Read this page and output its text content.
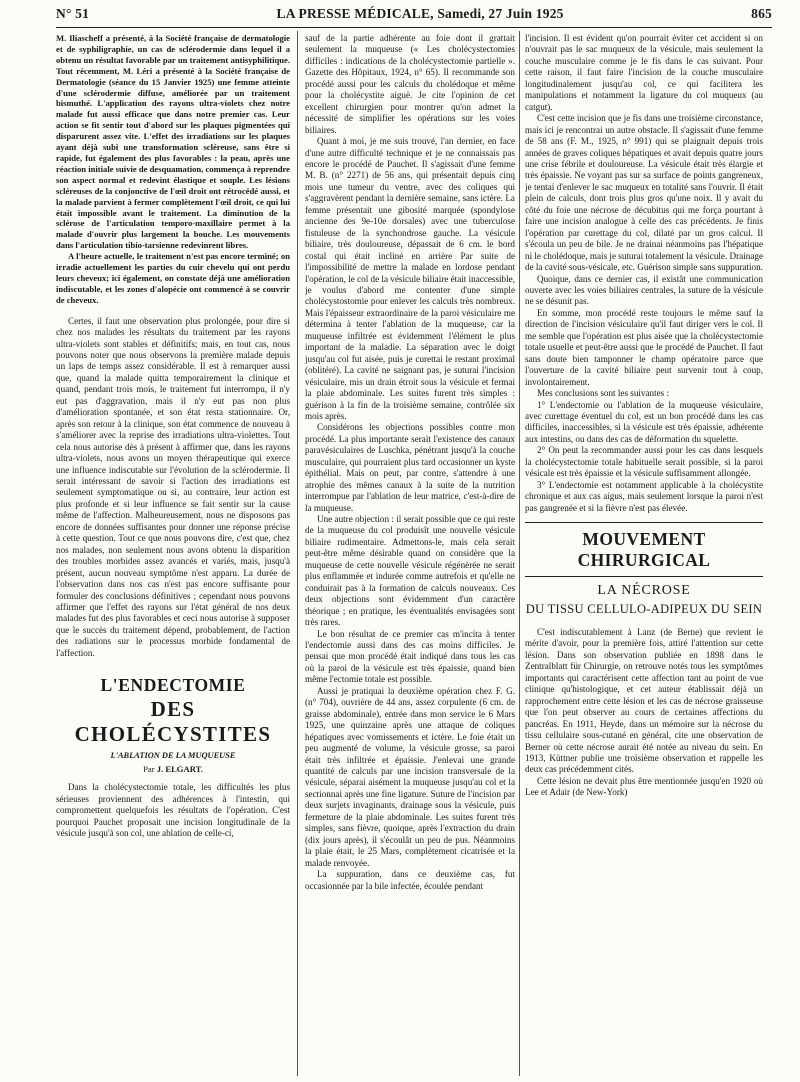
N° 51	LA PRESSE MÉDICALE, Samedi, 27 Juin 1925	865

M. Iliascheff a présenté, à la Société française de dermatologie et de syphiligraphie, un cas de sclérodermie dans lequel il a obtenu un résultat favorable par un traitement antisyphilitique. Tout récemment, M. Léri a présenté à la Société française de Dermatologie (séance du 15 Janvier 1925) une femme atteinte d'une sclérodermie diffuse, améliorée par un traitement bismuthé. L'application des rayons ultra-violets chez notre malade fut aussi efficace que dans notre premier cas. Leur action se fit sentir tout d'abord sur les plaques pigmentées qui disparurent assez vite. L'effet des irradiations sur les plaques ayant déjà subi une transformation scléreuse, sans être si rapide, fut également des plus favorables : la peau, après une réaction initiale suivie de desquamation, commença à reprendre son aspect normal et redevint élastique et souple. Les lésions scléreuses de la conjonctive de l'œil droit ont rétrocédé aussi, et la malade parvient à fermer complètement l'œil droit, ce qui lui était impossible avant le traitement. La diminution de la sclérose de l'articulation temporo-maxillaire permet à la malade d'ouvrir plus largement la bouche. Les mouvements dans l'articulation tibio-tarsienne redevinrent libres.

A l'heure actuelle, le traitement n'est pas encore terminé; on irradie actuellement les parties du cuir chevelu qui ont perdu leurs cheveux; ici également, on constate déjà une amélioration indiscutable, et les zones d'alopécie ont commencé à se couvrir de cheveux.

Certes, il faut une observation plus prolongée, pour dire si chez nos malades les résultats du traitement par les rayons ultra-violets sont stables et définitifs; mais, en tout cas, nous pouvons noter que nous observons la première malade depuis un laps de temps assez considérable. Il est à remarquer aussi que, quand la malade quitta temporairement la clinique et quand, pendant trois mois, le traitement fut interrompu, il n'y eut pas d'aggravation, mais il n'y eut pas non plus d'amélioration spontanée, et son état resta stationnaire. Or, après son retour à la clinique, son état commence de nouveau à s'améliorer avec la reprise des irradiations ultra-violettes. Tout cela nous autorise dès à présent à affirmer que, dans les rayons ultra-violets, nous avons un moyen thérapeutique qui exerce une influence indiscutable sur l'évolution de la sclérodermie. Il serait intéressant de savoir si l'action des irradiations est seulement symptomatique ou si, au contraire, leur action est plus profonde et si leur influence se fait sentir sur la cause même de l'affection. Malheureusement, nous ne disposons pas encore de données suffisantes pour donner une réponse précise à cette question. Tout ce que nous pouvons dire, c'est que, chez nos malades, non seulement nous avons obtenu la disparition des troubles morbides assez avancés et variés, mais, jusqu'à présent, aucun nouveau symptôme n'est apparu. La durée de l'observation dans nos cas n'est pas encore suffisante pour formuler des conclusions définitives ; cependant nous pouvons affirmer que l'effet des rayons sur l'état général de nos deux malades fut des plus favorables et ceci nous autorise à supposer que le succès du traitement dépend, probablement, de l'action des radiations sur le processus morbide fondamental de l'affection.

L'ENDECTOMIE
DES CHOLÉCYSTITES
L'ABLATION DE LA MUQUEUSE
Par J. ELGART.

Dans la cholécystectomie totale, les difficultés les plus sérieuses proviennent des adhérences à l'intestin, qui compromettent quelquefois les résultats de l'opération. C'est pourquoi Pauchet proposait une incision longitudinale de la vésicule jusqu'à son col, une ablation de celle-ci,

sauf de la partie adhérente au foie dont il grattait seulement la muqueuse (« Les cholécystectomies difficiles : indications de la cholécystectomie partielle ». Gazette des Hôpitaux, 1924, n° 65). Il recommande son procédé aussi pour les calculs du cholédoque et même pour la cholécystite aiguë. Je cite l'opinion de cet excellent chirurgien pour montrer qu'on admet la nécessité de simplifier les opérations sur les voies biliaires.

Quant à moi, je me suis trouvé, l'an dernier, en face d'une autre difficulté technique et je ne connaissais pas encore le procédé de Pauchet. Il s'agissait d'une femme M. B. (n° 2271) de 56 ans, qui présentait depuis cinq mois une tumeur du ventre, avec des coliques qui s'aggravèrent pendant la dernière semaine, sans ictère. La femme présentait une gibosité marquée (spondylose ancienne des 9e-10e dorsales) avec une tuberculose fistuleuse de la synchondrose gauche. La vésicule biliaire, très douloureuse, dépassait de 6 cm. le bord costal qui était incliné en arrière Par suite de l'impossibilité de mettre la malade en lordose pendant l'opération, le col de la vésicule biliaire était inaccessible, je voulus d'abord me contenter d'une simple cholécystostomie pour enlever les calculs très nombreux. Mais l'épaisseur extraordinaire de la paroi vésiculaire me détermina à tenter l'ablation de la muqueuse, car la muqueuse infiltrée est évidemment l'élément le plus important de la maladie. La séparation avec le doigt jusqu'au col fut aisée, puis je curettai le restant proximal (oblitéré). La cavité ne saignant pas, je suturai l'incision vésiculaire, mis un drain étroit sous la vésicule et fermai la plaie abdominale. Les suites furent très simples : guérison à la fin de la troisième semaine, contrôlée six mois après.

Considérons les objections possibles contre mon procédé. La plus importante serait l'existence des canaux paravésiculaires de Luschka, pénétrant jusqu'à la couche musculaire, qui pourraient plus tard occasionner un kyste épithélial. Mais on peut, par contre, s'attendre à une atrophie des mêmes canaux à la suite de la nutrition interrompue par l'ablation de leur matrice, c'est-à-dire de la muqueuse.

Une autre objection : il serait possible que ce qui reste de la muqueuse du col produisît une nouvelle vésicule biliaire rudimentaire. Admettons-le, mais cela serait peut-être même désirable quand on considère que la muqueuse de cette nouvelle vésicule régénérée ne serait plus enflammée et indurée comme autrefois et qu'elle ne conduirait pas à la formation de calculs nouveaux. Ces deux objections sont évidemment d'un caractère théorique ; en pratique, les éventualités envisagées sont très rares.

Le bon résultat de ce premier cas m'incita à tenter l'endectomie aussi dans des cas moins difficiles. Je pensai que mon procédé était indiqué dans tous les cas où la paroi de la vésicule est très épaissie, quand bien même l'ectomie totale est possible.

Aussi je pratiquai la deuxième opération chez F. G. (n° 704), ouvrière de 44 ans, assez corpulente (6 cm. de graisse abdominale), entrée dans mon service le 6 Mars 1925, une quinzaine après une attaque de coliques hépatiques avec vomissements et ictère. Le foie était un peu augmenté de volume, la vésicule grosse, sa paroi était très infiltrée et épaissie. J'enlevai une grande quantité de calculs par une incision transversale de la vésicule, séparai aisément la muqueuse jusqu'au col et la sectionnai après une fine ligature. Suture de l'incision par deux surjets invaginants, drainage sous la vésicule, puis fermeture de la plaie abdominale. Les suites furent très simples, sans fièvre, quoique, après l'extraction du drain (dix jours après), il s'écoulât un peu de pus. Néanmoins la plaie était, le 25 Mars, complètement cicatrisée et la malade renvoyée.

La suppuration, dans ce deuxième cas, fut occasionnée par la bile infectée, écoulée pendant

l'incision. Il est évident qu'on pourrait éviter cet accident si on n'ouvrait pas le sac muqueux de la vésicule, mais seulement la couche musculaire comme je le fis dans le cas suivant. Pour cette raison, il faut faire l'incision de la couche musculaire longitudinalement jusqu'au col, ce qui facilitera les manipulations et notamment la ligature du col muqueux (au catgut).

C'est cette incision que je fis dans une troisième circonstance, mais ici je rencontrai un autre obstacle. Il s'agissait d'une femme de 58 ans (F. M., 1925, n° 991) qui se plaignait depuis trois années de graves coliques hépatiques et avait depuis quatre jours une crise fébrile et douloureuse. La vésicule était très élargie et très épaissie. Ne voyant pas sur sa surface de points gangreneux, je tentai d'enlever le sac muqueux en totalité sans l'ouvrir. Il était plein de calculs, dont trois plus gros qu'une noix. Il y avait du côté du foie une nécrose de décubitus qui me força pourtant à faire une incision analogue à celle des cas précédents. Je finis l'opération par curettage du col, dilaté par un gros calcul. Il s'écoula un peu de bile. Je ne drainai néanmoins pas l'hépatique ni le cholédoque, mais je suturai totalement la vésicule. Drainage de la cavité sous-vésicale, etc. Guérison simple sans suppuration.

Quoique, dans ce dernier cas, il existât une communication ouverte avec les voies biliaires centrales, la suture de la vésicule ne se désunit pas.

En somme, mon procédé reste toujours le même sauf la direction de l'incision vésiculaire qu'il faut diriger vers le col. Il me semble que l'opération est plus aisée que la cholécystectomie totale usuelle et peut-être aussi que le procédé de Pauchet. Il faut sans doute bien tamponner le champ opératoire parce que l'ouverture de la cavité biliaire peut survenir tout à coup, involontairement.

Mes conclusions sont les suivantes :

1° L'endectomie ou l'ablation de la muqueuse vésiculaire, avec curettage éventuel du col, est un bon procédé dans les cas difficiles, inaccessibles, si la vésicule est très épaissie, adhérente aux intestins, ou dans des cas de déformation du squelette.

2° On peut la recommander aussi pour les cas dans lesquels la cholécystectomie totale habituelle serait possible, si la paroi vésicale est très épaissie et la vésicule suffisamment allongée.

3° L'endectomie est notamment applicable à la cholécystite chronique et aux cas aigus, mais seulement lorsque la paroi n'est pas gangrenée et si la fièvre n'est pas élevée.

MOUVEMENT CHIRURGICAL
LA NÉCROSE
DU TISSU CELLULO-ADIPEUX DU SEIN

C'est indiscutablement à Lanz (de Berne) que revient le mérite d'avoir, pour la première fois, attiré l'attention sur cette lésion. Dans son observation publiée en 1898 dans le Zentralblatt für Chirurgie, on retrouve notés tous les symptômes importants qui caractérisent cette affection tant au point de vue clinique qu'histologique, et cet auteur établissait déjà un rapprochement entre cette lésion et les cas de nécrose graisseuse que l'on peut observer au cours de certaines affections du pancréas. En 1911, Heyde, dans un mémoire sur la nécrose du tissu cellulaire sous-cutané en général, cite une observation de Berner où cette nécrose aurait été notée au niveau du sein. En 1913, Küttner publie une troisième observation et rappelle les deux cas précédemment cités.

Cette lésion ne devait plus être mentionnée jusqu'en 1920 où Lee et Adair (de New-York)
